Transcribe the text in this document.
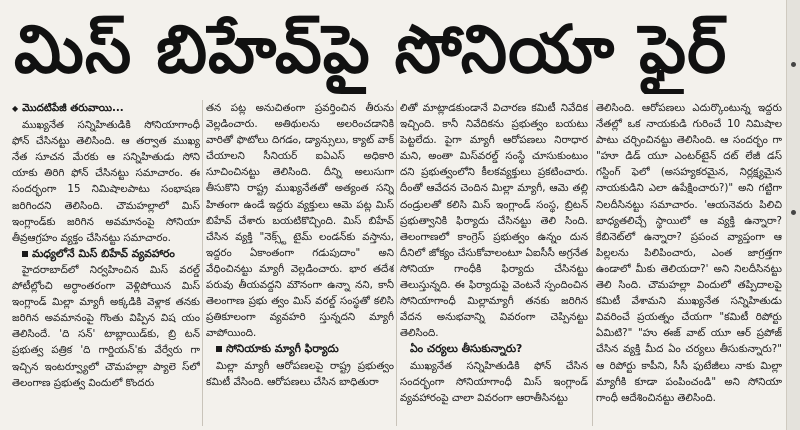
మిస్ బిహేవ్‌పై సోనియా ఫైర్

◆ మొదటిపేజీ తరువాయి...

ముఖ్యనేత సన్నిహితుడికి సోనియాగాంధీ ఫోన్ చేసినట్టు తెలిసింది. ఆ తర్వాత ముఖ్య నేత సూచన మేరకు ఆ సన్నిహితుడు సోని యాకు తిరిగి ఫోన్ చేసినట్టు సమాచారం. ఈ సందర్భంగా 15 నిమిషాలపాటు సంభాషణ జరిగిందని తెలిసింది. చౌమహల్లాలో మిస్ ఇంగ్లాండ్‌కు జరిగిన అవమానంపై సోనియా తీవ్రఆగ్రహం వ్యక్తం చేసినట్టు సమాచారం.

మధ్యలోనే మిస్ బిహేవ్ వ్యవహారం

హైదరాబాద్‌లో నిర్వహించిన మిస్ వరల్డ్ పోటీల్లోంచి అర్ధాంతరంగా వెళ్లిపోయిన మిస్ ఇంగ్లాండ్ మిల్లా మ్యాగీ అక్కడికి వెళ్లాక తనకు జరిగిన అవమానంపై గొంతు విప్పిన విష యం తెలిసిందే. 'ది సన్' టాబ్లాయిడ్‌కు, బ్రి టన్ ప్రభుత్వ పత్రిక 'ది గార్డియన్'కు వేర్వేరు గా ఇచ్చిన ఇంటర్వ్యూలో చౌమహల్లా ప్యాలె స్‌లో తెలంగాణ ప్రభుత్వ విందులో కొందరు

తన పట్ల అనుచితంగా ప్రవర్తించిన తీరును వెల్లడించారు. అతిథులను అలరించడానికి వారితో ఫొటోలు దిగడం, డ్యాన్సులు, క్యాట్ వాక్ చేయాలని సీనియర్ ఐఏఎస్ అధికారి సూచించినట్టు తెలిసింది. దీన్ని అలుసుగా తీసుకొని రాష్ట్ర ముఖ్యనేతతో అత్యంత సన్ని హితంగా ఉండే ఇద్దరు వ్యక్తులు ఆమె పట్ల మిస్ బిహేవ్ చేశారు బయటికొచ్చింది. మిస్ బిహేవ్ చేసిన వ్యక్తి "నెక్స్ట్ టైమ్ లండన్‌కు వస్తాను, ఇద్దరం ఏకాంతంగా గడుపుదాం" అని వేధించినట్టు మ్యాగీ వెల్లడించారు. భార తదేశ పరువు తీయవద్దని మౌనంగా ఉన్నా నని, కానీ తెలంగాణ ప్రభు త్వం మిస్ వరల్డ్ సంస్థతో కలిసి ప్రతికూలంగా వ్యవహరి స్తున్నదని మ్యాగీ వాపోయింది.

సోనియాకు మ్యాగీ ఫిర్యాదు

మిల్లా మ్యాగీ ఆరోపణలపై రాష్ట్ర ప్రభుత్వం కమిటీ వేసింది. ఆరోపణలు చేసిన బాధితురా

లితో మాట్లాడకుండానే విచారణ కమిటీ నివేదిక ఇచ్చింది. కానీ నివేదికను ప్రభుత్వం బయటు పెట్టలేదు. పైగా మ్యాగీ ఆరోపణలు నిరాధార మని, అంతా మిస్‌వరల్డ్ సంస్థే చూసుకుంటుం దని ప్రభుత్వంలోని కీలకవ్యక్తులు ప్రకటించారు. దీంతో ఆవేదన చెందిన మిల్లా మ్యాగీ, ఆమె తల్లి దండ్రులతో కలిసి మిస్ ఇంగ్లాండ్ సంస్థ, బ్రిటన్ ప్రభుత్వానికి ఫిర్యాదు చేసినట్టు తెలి సింది. తెలంగాణలో కాంగ్రెస్ ప్రభుత్వం ఉన్నం దున దీనిలో జోక్యం చేసుకోవాలంటూ ఏఐసీసీ అగ్రనేత సోనియా గాంధీకి ఫిర్యాదు చేసినట్టు తెలుస్తున్నది. ఈ ఫిర్యాదుపై వెంటనే స్పందించిన సోనియాగాంధీ మిల్లామ్యాగీ తనకు జరిగిన వేదన అనుభవాన్ని వివరంగా చెప్పినట్టు తెలిసింది.

ఏం చర్యలు తీసుకున్నారు?

ముఖ్యనేత సన్నిహితుడికి ఫోన్ చేసిన సందర్భంగా సోనియాగాంధీ మిస్ ఇంగ్లాండ్ వ్యవహారంపై చాలా వివరంగా ఆరాతీసినట్టు

తెలిసింది. ఆరోపణలు ఎదుర్కొంటున్న ఇద్దరు నేతల్లో ఒక నాయకుడి గురించే 10 నిమిషాల పాటు చర్చించినట్టు తెలిసింది. ఆ సందర్భం గా "హూ డిడ్ యూ ఎంటర్‌టైన్ దట్ లేజీ డస్ గస్టింగ్ ఫెలో (అసహ్యకరమైన, నిర్లక్ష్యమైన నాయకుడిని ఎలా ఉపేక్షించారు?)" అని గట్టిగా నిలదీసినట్టు సమాచారం. 'ఆయనెవరు పిలిచి బాధ్యతలిచ్చే స్థాయిలో ఆ వ్యక్తి ఉన్నారా? కేబినెట్‌లో ఉన్నారా? ప్రపంచ వ్యాప్తంగా ఆ పిల్లలను పిలిపించారు, ఎంత జాగ్రత్తగా ఉండాలో మీకు తెలియదా?' అని నిలదీసినట్టు తెలి సింది. చౌమహల్లా విందులో తప్పిదాలపై కమిటీ వేశామని ముఖ్యనేత సన్నిహితుడు వివరించే ప్రయత్నం చేయగా "కమిటీ రిపోర్టు ఏమిటి?" "హు ఈజ్ వాట్ యూ ఆర్ ప్రపోజ్ చేసిన వ్యక్తి మీద ఏం చర్యలు తీసుకున్నారు?" ఆ రిపోర్టు కాపీని, సీసీ ఫుటేజీలు నాకు మిల్లా మ్యాగీకి కూడా పంపించండి" అని సోనియా గాంధీ ఆదేశించినట్టు తెలిసింది.
